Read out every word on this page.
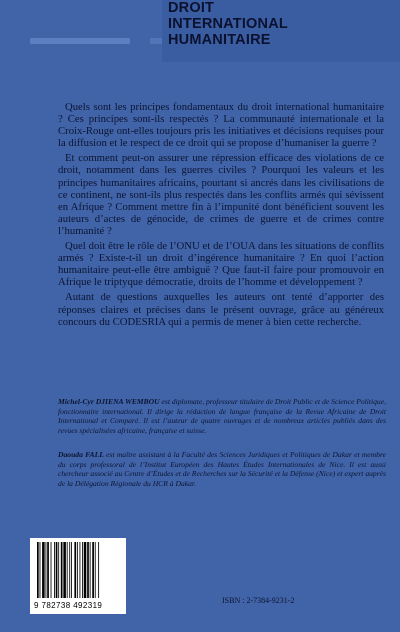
DROIT
INTERNATIONAL
HUMANITAIRE

Quels sont les principes fondamentaux du droit international humanitaire ? Ces principes sont-ils respectés ? La communauté internationale et la Croix-Rouge ont-elles toujours pris les initiatives et décisions requises pour la diffusion et le respect de ce droit qui se propose d’humaniser la guerre ?

Et comment peut-on assurer une répression efficace des violations de ce droit, notamment dans les guerres civiles ? Pourquoi les valeurs et les principes humanitaires africains, pourtant si ancrés dans les civilisations de ce continent, ne sont-ils plus respectés dans les conflits armés qui sévissent en Afrique ? Comment mettre fin à l’impunité dont bénéficient souvent les auteurs d’actes de génocide, de crimes de guerre et de crimes contre l’humanité ?

Quel doit être le rôle de l’ONU et de l’OUA dans les situations de conflits armés ? Existe-t-il un droit d’ingérence humanitaire ? En quoi l’action humanitaire peut-elle être ambiguë ? Que faut-il faire pour promouvoir en Afrique le triptyque démocratie, droits de l’homme et développement ?

Autant de questions auxquelles les auteurs ont tenté d’apporter des réponses claires et précises dans le présent ouvrage, grâce au généreux concours du CODESRIA qui a permis de mener à bien cette recherche.

Michel-Cyr DJIENA WEMBOU est diplomate, professeur titulaire de Droit Public et de Science Politique, fonctionnaire international. Il dirige la rédaction de langue française de la Revue Africaine de Droit International et Comparé. Il est l’auteur de quatre ouvrages et de nombreux articles publiés dans des revues spécialisées africaine, française et suisse.
Daouda FALL est maître assistant à la Faculté des Sciences Juridiques et Politiques de Dakar et membre du corps professoral de l’Institut Européen des Hautes Études Internationales de Nice. Il est aussi chercheur associé au Centre d’Études et de Recherches sur la Sécurité et la Défense (Nice) et expert auprès de la Délégation Régionale du HCR à Dakar.
9 782738 492319
ISBN : 2-7384-9231-2
